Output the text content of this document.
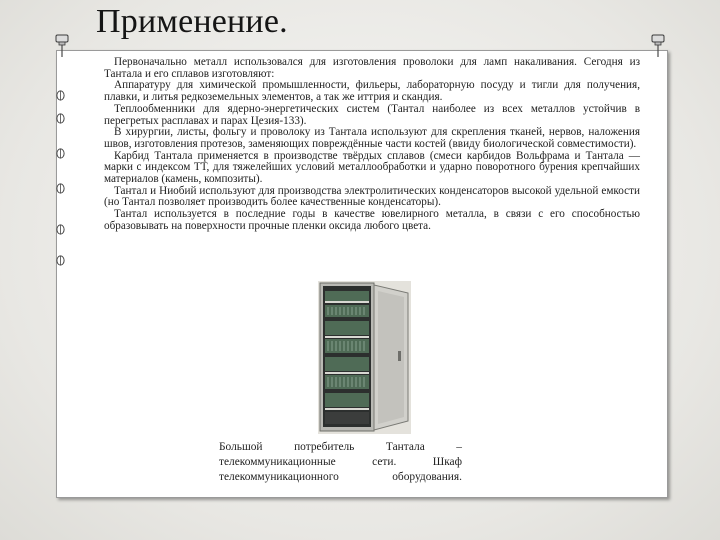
Применение.

Первоначально металл использовался для изготовления проволоки для ламп накаливания. Сегодня из Тантала и его сплавов изготовляют:

Аппаратуру для химической промышленности, фильеры, лабораторную посуду и тигли для получения, плавки, и литья редкоземельных элементов, а так же иттрия и скандия.

Теплообменники для ядерно-энергетических систем (Тантал наиболее из всех металлов устойчив в перегретых расплавах и парах Цезия-133).

В хирургии, листы, фольгу и проволоку из Тантала используют для скрепления тканей, нервов, наложения швов, изготовления протезов, заменяющих повреждённые части костей (ввиду биологической совместимости).

Карбид Тантала применяется в производстве твёрдых сплавов (смеси карбидов Вольфрама и Тантала — марки с индексом ТТ, для тяжелейших условий металлообработки и ударно поворотного бурения крепчайших материалов (камень, композиты).

Тантал и Ниобий используют для производства электролитических конденсаторов высокой удельной емкости (но Тантал позволяет производить более качественные конденсаторы).

Тантал используется в последние годы в качестве ювелирного металла, в связи с его способностью образовывать на поверхности прочные пленки оксида любого цвета.

Большой потребитель Тантала –
телекоммуникационные сети. Шкаф
телекоммуникационного оборудования.
